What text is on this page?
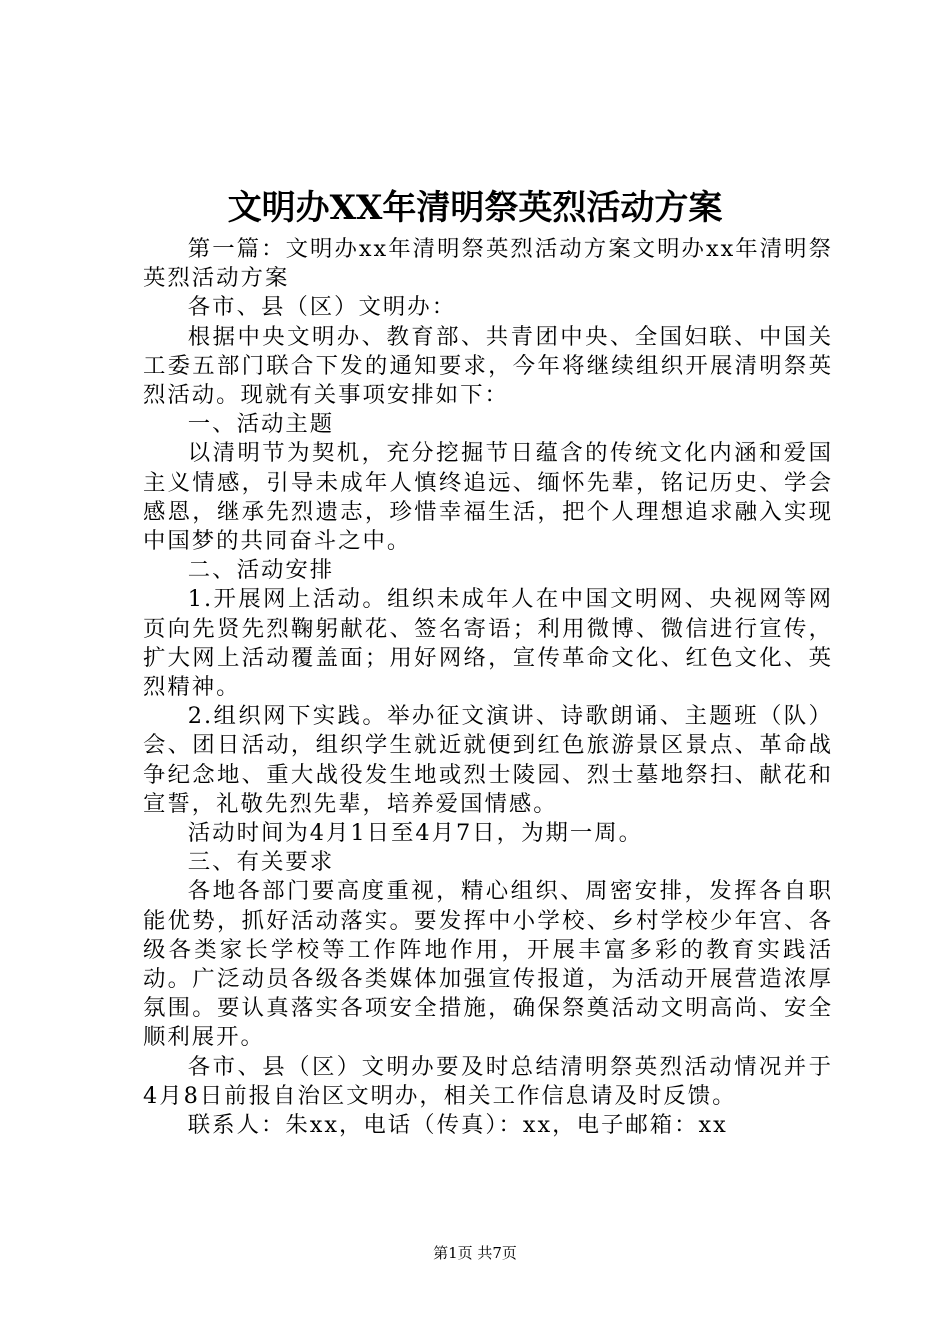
文明办XX年清明祭英烈活动方案

第一篇：文明办xx年清明祭英烈活动方案文明办xx年清明祭英烈活动方案

各市、县（区）文明办：

根据中央文明办、教育部、共青团中央、全国妇联、中国关工委五部门联合下发的通知要求，今年将继续组织开展清明祭英烈活动。现就有关事项安排如下：

一、活动主题

以清明节为契机，充分挖掘节日蕴含的传统文化内涵和爱国主义情感，引导未成年人慎终追远、缅怀先辈，铭记历史、学会感恩，继承先烈遗志，珍惜幸福生活，把个人理想追求融入实现中国梦的共同奋斗之中。

二、活动安排

1.开展网上活动。组织未成年人在中国文明网、央视网等网页向先贤先烈鞠躬献花、签名寄语；利用微博、微信进行宣传，扩大网上活动覆盖面；用好网络，宣传革命文化、红色文化、英烈精神。

2.组织网下实践。举办征文演讲、诗歌朗诵、主题班（队）会、团日活动，组织学生就近就便到红色旅游景区景点、革命战争纪念地、重大战役发生地或烈士陵园、烈士墓地祭扫、献花和宣誓，礼敬先烈先辈，培养爱国情感。

活动时间为4月1日至4月7日，为期一周。

三、有关要求

各地各部门要高度重视，精心组织、周密安排，发挥各自职能优势，抓好活动落实。要发挥中小学校、乡村学校少年宫、各级各类家长学校等工作阵地作用，开展丰富多彩的教育实践活动。广泛动员各级各类媒体加强宣传报道，为活动开展营造浓厚氛围。要认真落实各项安全措施，确保祭奠活动文明高尚、安全顺利展开。

各市、县（区）文明办要及时总结清明祭英烈活动情况并于4月8日前报自治区文明办，相关工作信息请及时反馈。

联系人：朱xx，电话（传真）：xx，电子邮箱：xx

第1页 共7页
